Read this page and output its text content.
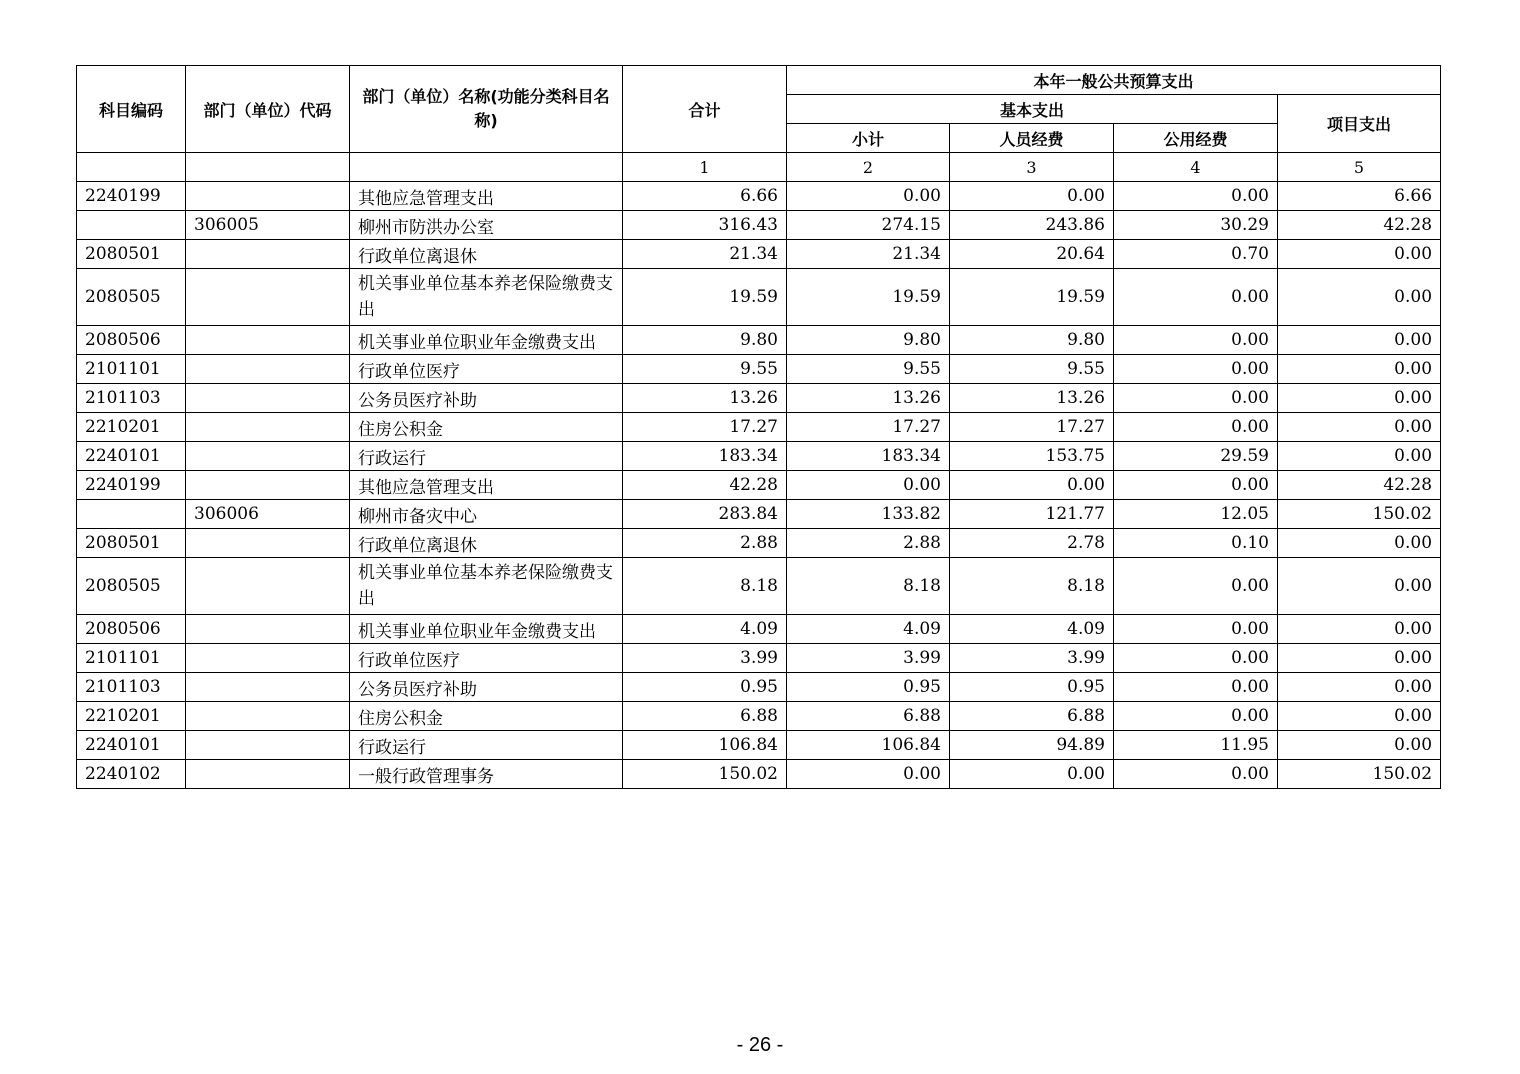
科目编码	部门（单位）代码	部门（单位）名称(功能分类科目名称)	合计	本年一般公共预算支出			
				基本支出			项目支出
				小计	人员经费	公用经费	
			1	2	3	4	5
2240199		其他应急管理支出	6.66	0.00	0.00	0.00	6.66
	306005	柳州市防洪办公室	316.43	274.15	243.86	30.29	42.28
2080501		行政单位离退休	21.34	21.34	20.64	0.70	0.00
2080505		机关事业单位基本养老保险缴费支出	19.59	19.59	19.59	0.00	0.00
2080506		机关事业单位职业年金缴费支出	9.80	9.80	9.80	0.00	0.00
2101101		行政单位医疗	9.55	9.55	9.55	0.00	0.00
2101103		公务员医疗补助	13.26	13.26	13.26	0.00	0.00
2210201		住房公积金	17.27	17.27	17.27	0.00	0.00
2240101		行政运行	183.34	183.34	153.75	29.59	0.00
2240199		其他应急管理支出	42.28	0.00	0.00	0.00	42.28
	306006	柳州市备灾中心	283.84	133.82	121.77	12.05	150.02
2080501		行政单位离退休	2.88	2.88	2.78	0.10	0.00
2080505		机关事业单位基本养老保险缴费支出	8.18	8.18	8.18	0.00	0.00
2080506		机关事业单位职业年金缴费支出	4.09	4.09	4.09	0.00	0.00
2101101		行政单位医疗	3.99	3.99	3.99	0.00	0.00
2101103		公务员医疗补助	0.95	0.95	0.95	0.00	0.00
2210201		住房公积金	6.88	6.88	6.88	0.00	0.00
2240101		行政运行	106.84	106.84	94.89	11.95	0.00
2240102		一般行政管理事务	150.02	0.00	0.00	0.00	150.02
- 26 -
